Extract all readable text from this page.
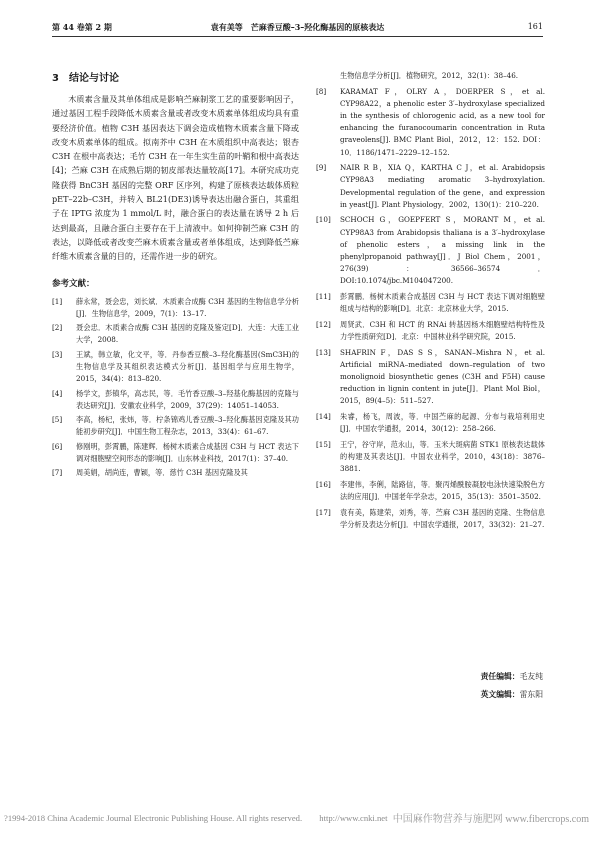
第 44 卷第 2 期	袁有美等　芒麻香豆酸–3–羟化酶基因的原核表达	161
3　结论与讨论

木质素含量及其单体组成是影响苎麻制浆工艺的重要影响因子，通过基因工程手段降低木质素含量或者改变木质素单体组成均具有重要经济价值。植物 C3H 基因表达下调会造成植物木质素含量下降或改变木质素单体的组成。拟南芥中 C3H 在木质组织中高表达；银杏 C3H 在根中高表达；毛竹 C3H 在一年生实生苗的叶鞘和根中高表达[4]；苎麻 C3H 在成熟后期的韧皮部表达量较高[17]。本研究成功克隆获得 BnC3H 基因的完整 ORF 区序列，构建了原核表达载体质粒 pET–22b–C3H，并转入 BL21(DE3)诱导表达出融合蛋白，其重组子在 IPTG 浓度为 1 mmol/L 时，融合蛋白的表达量在诱导 2 h 后达到最高，且融合蛋白主要存在于上清液中。如何抑制苎麻 C3H 的表达，以降低或者改变苎麻木质素含量或者单体组成，达到降低苎麻纤维木质素含量的目的，还需作进一步的研究。

参考文献：
[1] 薛永常，聂会忠，刘长斌．木质素合成酶 C3H 基因的生物信息学分析[J]．生物信息学，2009，7(1)：13–17.
[2] 聂会忠．木质素合成酶 C3H 基因的克隆及鉴定[D]．大连：大连工业大学，2008.
[3] 王斌，韩立敏，化文平，等．丹参香豆酸–3–羟化酶基因(SmC3H)的生物信息学及其组织表达模式分析[J]．基因组学与应用生物学，2015，34(4)：813–820.
[4] 杨学文，彭镇华，高志民，等．毛竹香豆酸–3–羟基化酶基因的克隆与表达研究[J]．安徽农业科学，2009，37(29)：14051–14053.
[5] 李高，杨杞，张炜，等．柠条锦鸡儿香豆酸–3–羟化酶基因克隆及其功能初步研究[J]．中国生物工程杂志，2013，33(4)：61–67.
[6] 修刚明，彭霄鹏，陈建辉．杨树木质素合成基因 C3H 与 HCT 表达下调对细胞壁空间形态的影响[J]．山东林业科技，2017(1)：37–40.
[7] 周美娟，胡尚连，曹颖，等．慈竹 C3H 基因克隆及其
生物信息学分析[J]．植物研究，2012，32(1)：38–46.
[8] KARAMAT F，OLRY A，DOERPER S，et al. CYP98A22，a phenolic ester 3′–hydroxylase specialized in the synthesis of chlorogenic acid, as a new tool for enhancing the furanocoumarin concentration in Ruta graveolens[J]. BMC Plant Biol，2012，12：152. DOI：10．1186/1471–2229–12–152.
[9] NAIR R B，XIA Q，KARTHA C J，et al. Arabidopsis CYP98A3 mediating aromatic 3–hydroxylation. Developmental regulation of the gene，and expression in yeast[J]. Plant Physiology．2002，130(1)：210–220.
[10] SCHOCH G，GOEPFERT S，MORANT M，et al. CYP98A3 from Arabidopsis thaliana is a 3′–hydroxylase of phenolic esters，a missing link in the phenylpropanoid pathway[J]．J Biol Chem，2001，276(39)：36566–36574．DOI:10.1074/jbc.M104047200.
[11] 彭霄鹏．杨树木质素合成基因 C3H 与 HCT 表达下调对细胞壁组成与结构的影响[D]．北京：北京林业大学，2015.
[12] 周贤武．C3H 和 HCT 的 RNAi 转基因杨木细胞壁结构特性及力学性质研究[D]．北京：中国林业科学研究院，2015.
[13] SHAFRIN F，DAS S S，SANAN–Mishra N，et al. Artificial miRNA–mediated down–regulation of two monolignoid biosynthetic genes (C3H and F5H) cause reduction in lignin content in jute[J]．Plant Mol Biol，2015，89(4–5)：511–527.
[14] 朱睿，杨飞，周波，等．中国苎麻的起源、分布与栽培利用史[J]．中国农学通报，2014，30(12)：258–266.
[15] 王宁，谷守岸，范永山，等．玉米大斑病菌 STK1 原核表达载体的构建及其表达[J]．中国农业科学，2010，43(18)：3876–3881.
[16] 李建伟，李俐，陆路信，等．聚丙烯酰胺凝胶电泳快速染脱色方法的应用[J]．中国老年学杂志，2015，35(13)：3501–3502.
[17] 袁有美，陈建荣，刘秀，等．苎麻 C3H 基因的克隆、生物信息学分析及表达分析[J]．中国农学通报，2017，33(32)：21–27.
责任编辑：毛友纯
英文编辑：雷东阳
?1994-2018 China Academic Journal Electronic Publishing House. All rights reserved.　　http://www.cnki.net 中国麻作物营养与施肥网 www.fibercrops.com
